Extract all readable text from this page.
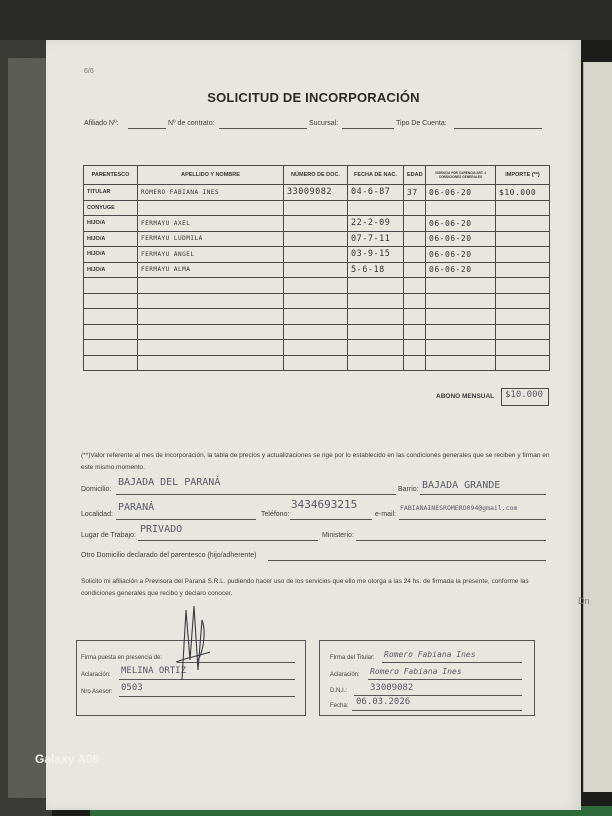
6/6
SOLICITUD DE INCORPORACIÓN
Afiliado Nº:	Nº de contrato:	Sucursal:	Tipo De Cuenta:
PARENTESCO	APELLIDO Y NOMBRE	NÚMERO DE DOC.	FECHA DE NAC.	EDAD	VIGENCIA POR CARENCIA ART. 4 CONDICIONES GENERALES	IMPORTE (**)
TITULAR	ROMERO FABIANA INES	33009082	04-6-87	37	06-06-20	$10.000
CONYUGE						
HIJO/A	FERMAYU AXEL		22-2-09		06-06-20	
HIJO/A	FERMAYU LUDMILA		07-7-11		06-06-20	
HIJO/A	FERMAYU ANGEL		03-9-15		06-06-20	
HIJO/A	FERMAYU ALMA		5-6-18		06-06-20	

ABONO MENSUAL $10.000
(**)Valor referente al mes de incorporación, la tabla de precios y actualizaciones se rige por lo establecido en las condiciones generales que se reciben y firman en este mismo momento.
Domicilio:
BAJADA DEL PARANÁ
Barrio: BAJADA GRANDE
Localidad:
PARANÁ
Teléfono:
3434693215
e-mail:
FABIANAINESROMERO094@gmail.com
Lugar de Trabajo:
PRIVADO
Ministerio:
Otro Domicilio declarado del parentesco (hijo/adherente)
Solicito mi afiliación a Previsora del Paraná S.R.L. pudiendo hacer uso de los servicios que ello me otorga a las 24 hs. de firmada la presente, conforme las condiciones generales que recibo y declaro conocer.
Firma puesta en presencia de:
Aclaración: MELINA ORTIZ
Nro Asesor: 0503
Firma del Titular: Romero Fabiana Ines
Aclaración: Romero Fabiana Ines
D.N.I.:	33009082
Fecha: 06.03.2026
Dn
Galaxy A06
